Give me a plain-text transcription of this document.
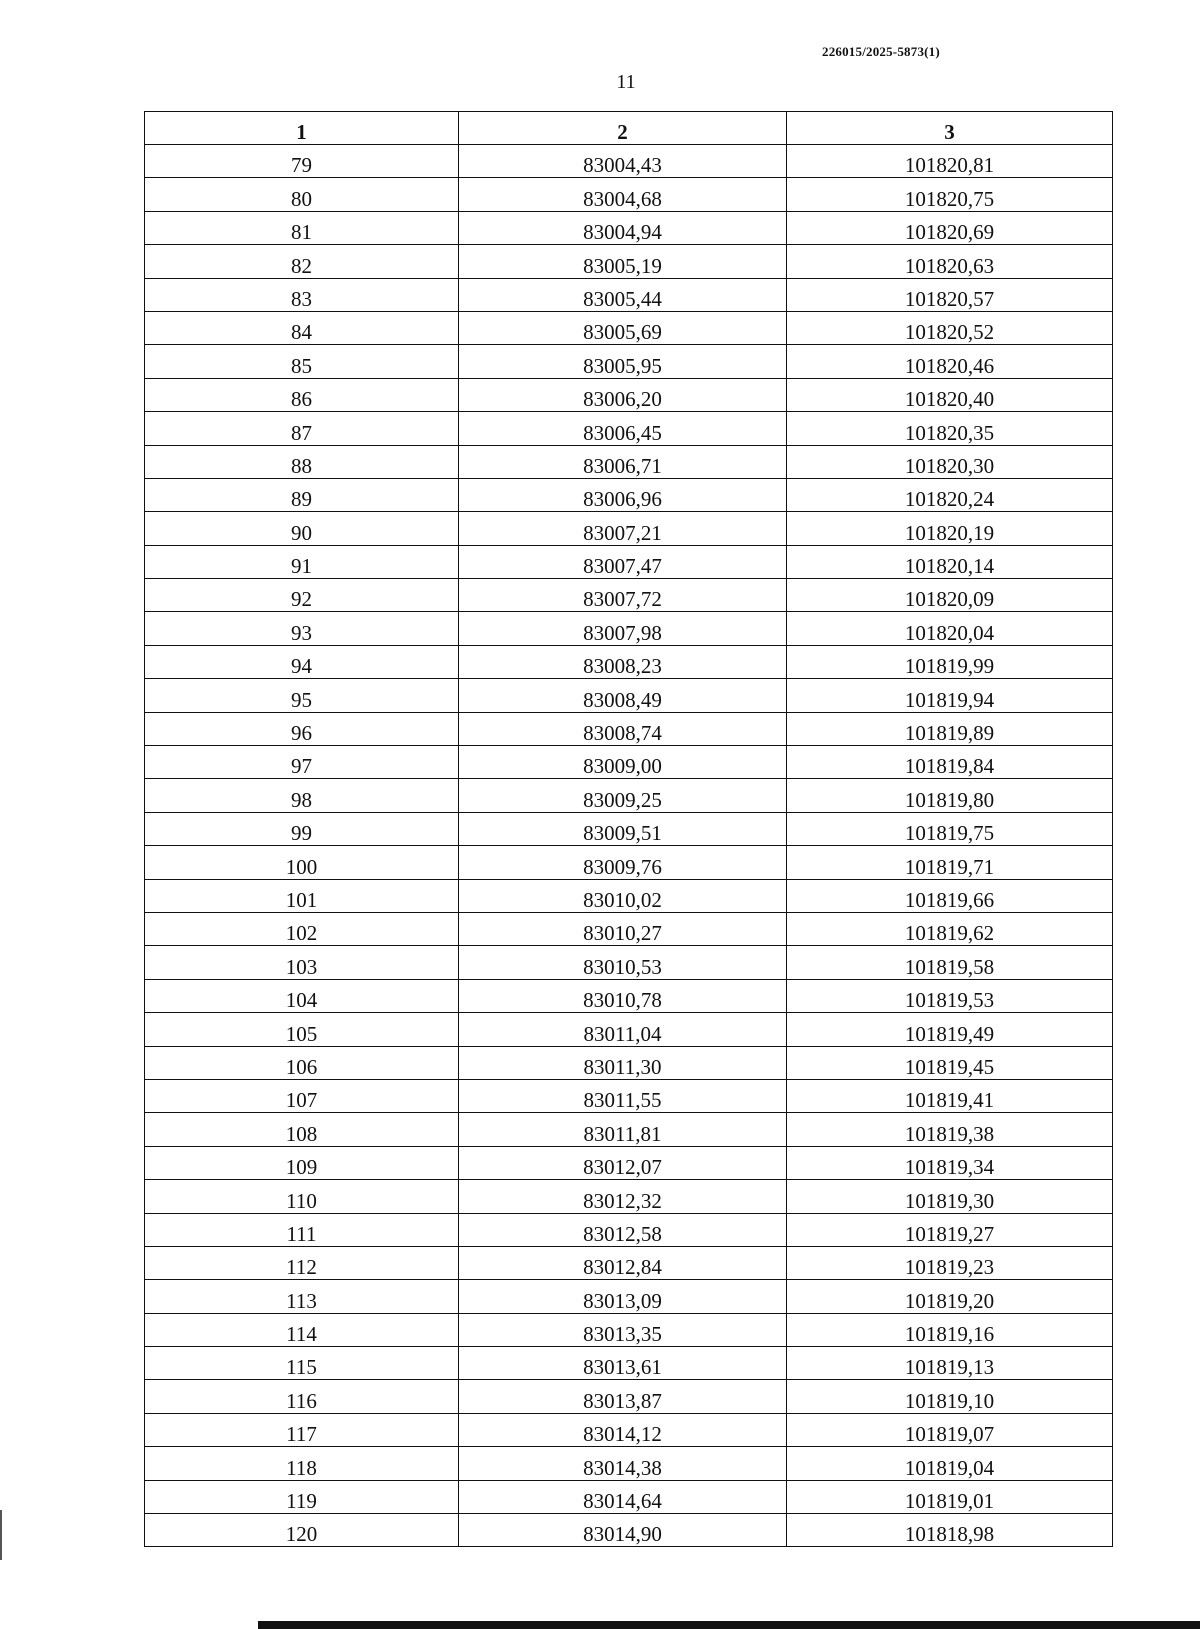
226015/2025-5873(1)
11
1	2	3
79	83004,43	101820,81
80	83004,68	101820,75
81	83004,94	101820,69
82	83005,19	101820,63
83	83005,44	101820,57
84	83005,69	101820,52
85	83005,95	101820,46
86	83006,20	101820,40
87	83006,45	101820,35
88	83006,71	101820,30
89	83006,96	101820,24
90	83007,21	101820,19
91	83007,47	101820,14
92	83007,72	101820,09
93	83007,98	101820,04
94	83008,23	101819,99
95	83008,49	101819,94
96	83008,74	101819,89
97	83009,00	101819,84
98	83009,25	101819,80
99	83009,51	101819,75
100	83009,76	101819,71
101	83010,02	101819,66
102	83010,27	101819,62
103	83010,53	101819,58
104	83010,78	101819,53
105	83011,04	101819,49
106	83011,30	101819,45
107	83011,55	101819,41
108	83011,81	101819,38
109	83012,07	101819,34
110	83012,32	101819,30
111	83012,58	101819,27
112	83012,84	101819,23
113	83013,09	101819,20
114	83013,35	101819,16
115	83013,61	101819,13
116	83013,87	101819,10
117	83014,12	101819,07
118	83014,38	101819,04
119	83014,64	101819,01
120	83014,90	101818,98
